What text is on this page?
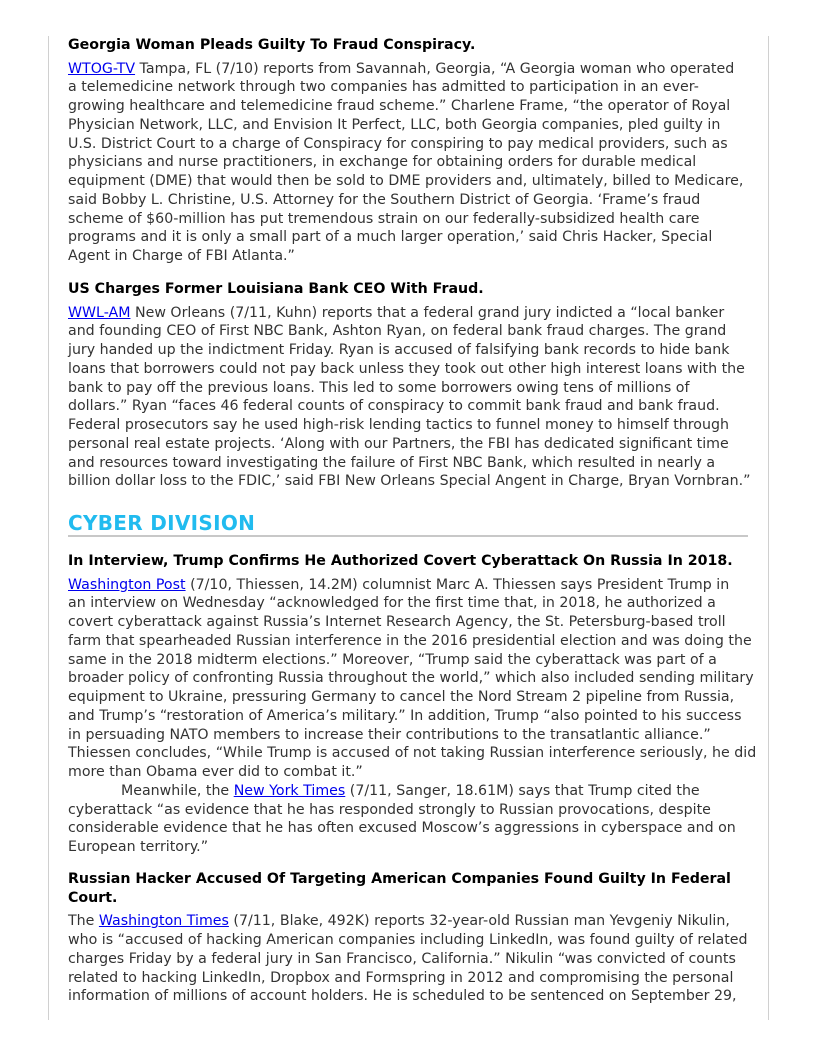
Georgia Woman Pleads Guilty To Fraud Conspiracy.
WTOG-TV Tampa, FL (7/10) reports from Savannah, Georgia, “A Georgia woman who operated
a telemedicine network through two companies has admitted to participation in an ever-
growing healthcare and telemedicine fraud scheme.” Charlene Frame, “the operator of Royal
Physician Network, LLC, and Envision It Perfect, LLC, both Georgia companies, pled guilty in
U.S. District Court to a charge of Conspiracy for conspiring to pay medical providers, such as
physicians and nurse practitioners, in exchange for obtaining orders for durable medical
equipment (DME) that would then be sold to DME providers and, ultimately, billed to Medicare,
said Bobby L. Christine, U.S. Attorney for the Southern District of Georgia. ‘Frame’s fraud
scheme of $60-million has put tremendous strain on our federally-subsidized health care
programs and it is only a small part of a much larger operation,’ said Chris Hacker, Special
Agent in Charge of FBI Atlanta.”
US Charges Former Louisiana Bank CEO With Fraud.
WWL-AM New Orleans (7/11, Kuhn) reports that a federal grand jury indicted a “local banker
and founding CEO of First NBC Bank, Ashton Ryan, on federal bank fraud charges. The grand
jury handed up the indictment Friday. Ryan is accused of falsifying bank records to hide bank
loans that borrowers could not pay back unless they took out other high interest loans with the
bank to pay off the previous loans. This led to some borrowers owing tens of millions of
dollars.” Ryan “faces 46 federal counts of conspiracy to commit bank fraud and bank fraud.
Federal prosecutors say he used high-risk lending tactics to funnel money to himself through
personal real estate projects. ‘Along with our Partners, the FBI has dedicated significant time
and resources toward investigating the failure of First NBC Bank, which resulted in nearly a
billion dollar loss to the FDIC,’ said FBI New Orleans Special Angent in Charge, Bryan Vornbran.”
CYBER DIVISION
In Interview, Trump Confirms He Authorized Covert Cyberattack On Russia In 2018.
Washington Post (7/10, Thiessen, 14.2M) columnist Marc A. Thiessen says President Trump in
an interview on Wednesday “acknowledged for the first time that, in 2018, he authorized a
covert cyberattack against Russia’s Internet Research Agency, the St. Petersburg-based troll
farm that spearheaded Russian interference in the 2016 presidential election and was doing the
same in the 2018 midterm elections.” Moreover, “Trump said the cyberattack was part of a
broader policy of confronting Russia throughout the world,” which also included sending military
equipment to Ukraine, pressuring Germany to cancel the Nord Stream 2 pipeline from Russia,
and Trump’s “restoration of America’s military.” In addition, Trump “also pointed to his success
in persuading NATO members to increase their contributions to the transatlantic alliance.”
Thiessen concludes, “While Trump is accused of not taking Russian interference seriously, he did
more than Obama ever did to combat it.”
Meanwhile, the New York Times (7/11, Sanger, 18.61M) says that Trump cited the
cyberattack “as evidence that he has responded strongly to Russian provocations, despite
considerable evidence that he has often excused Moscow’s aggressions in cyberspace and on
European territory.”
Russian Hacker Accused Of Targeting American Companies Found Guilty In Federal
Court.
The Washington Times (7/11, Blake, 492K) reports 32-year-old Russian man Yevgeniy Nikulin,
who is “accused of hacking American companies including LinkedIn, was found guilty of related
charges Friday by a federal jury in San Francisco, California.” Nikulin “was convicted of counts
related to hacking LinkedIn, Dropbox and Formspring in 2012 and compromising the personal
information of millions of account holders. He is scheduled to be sentenced on September 29,
